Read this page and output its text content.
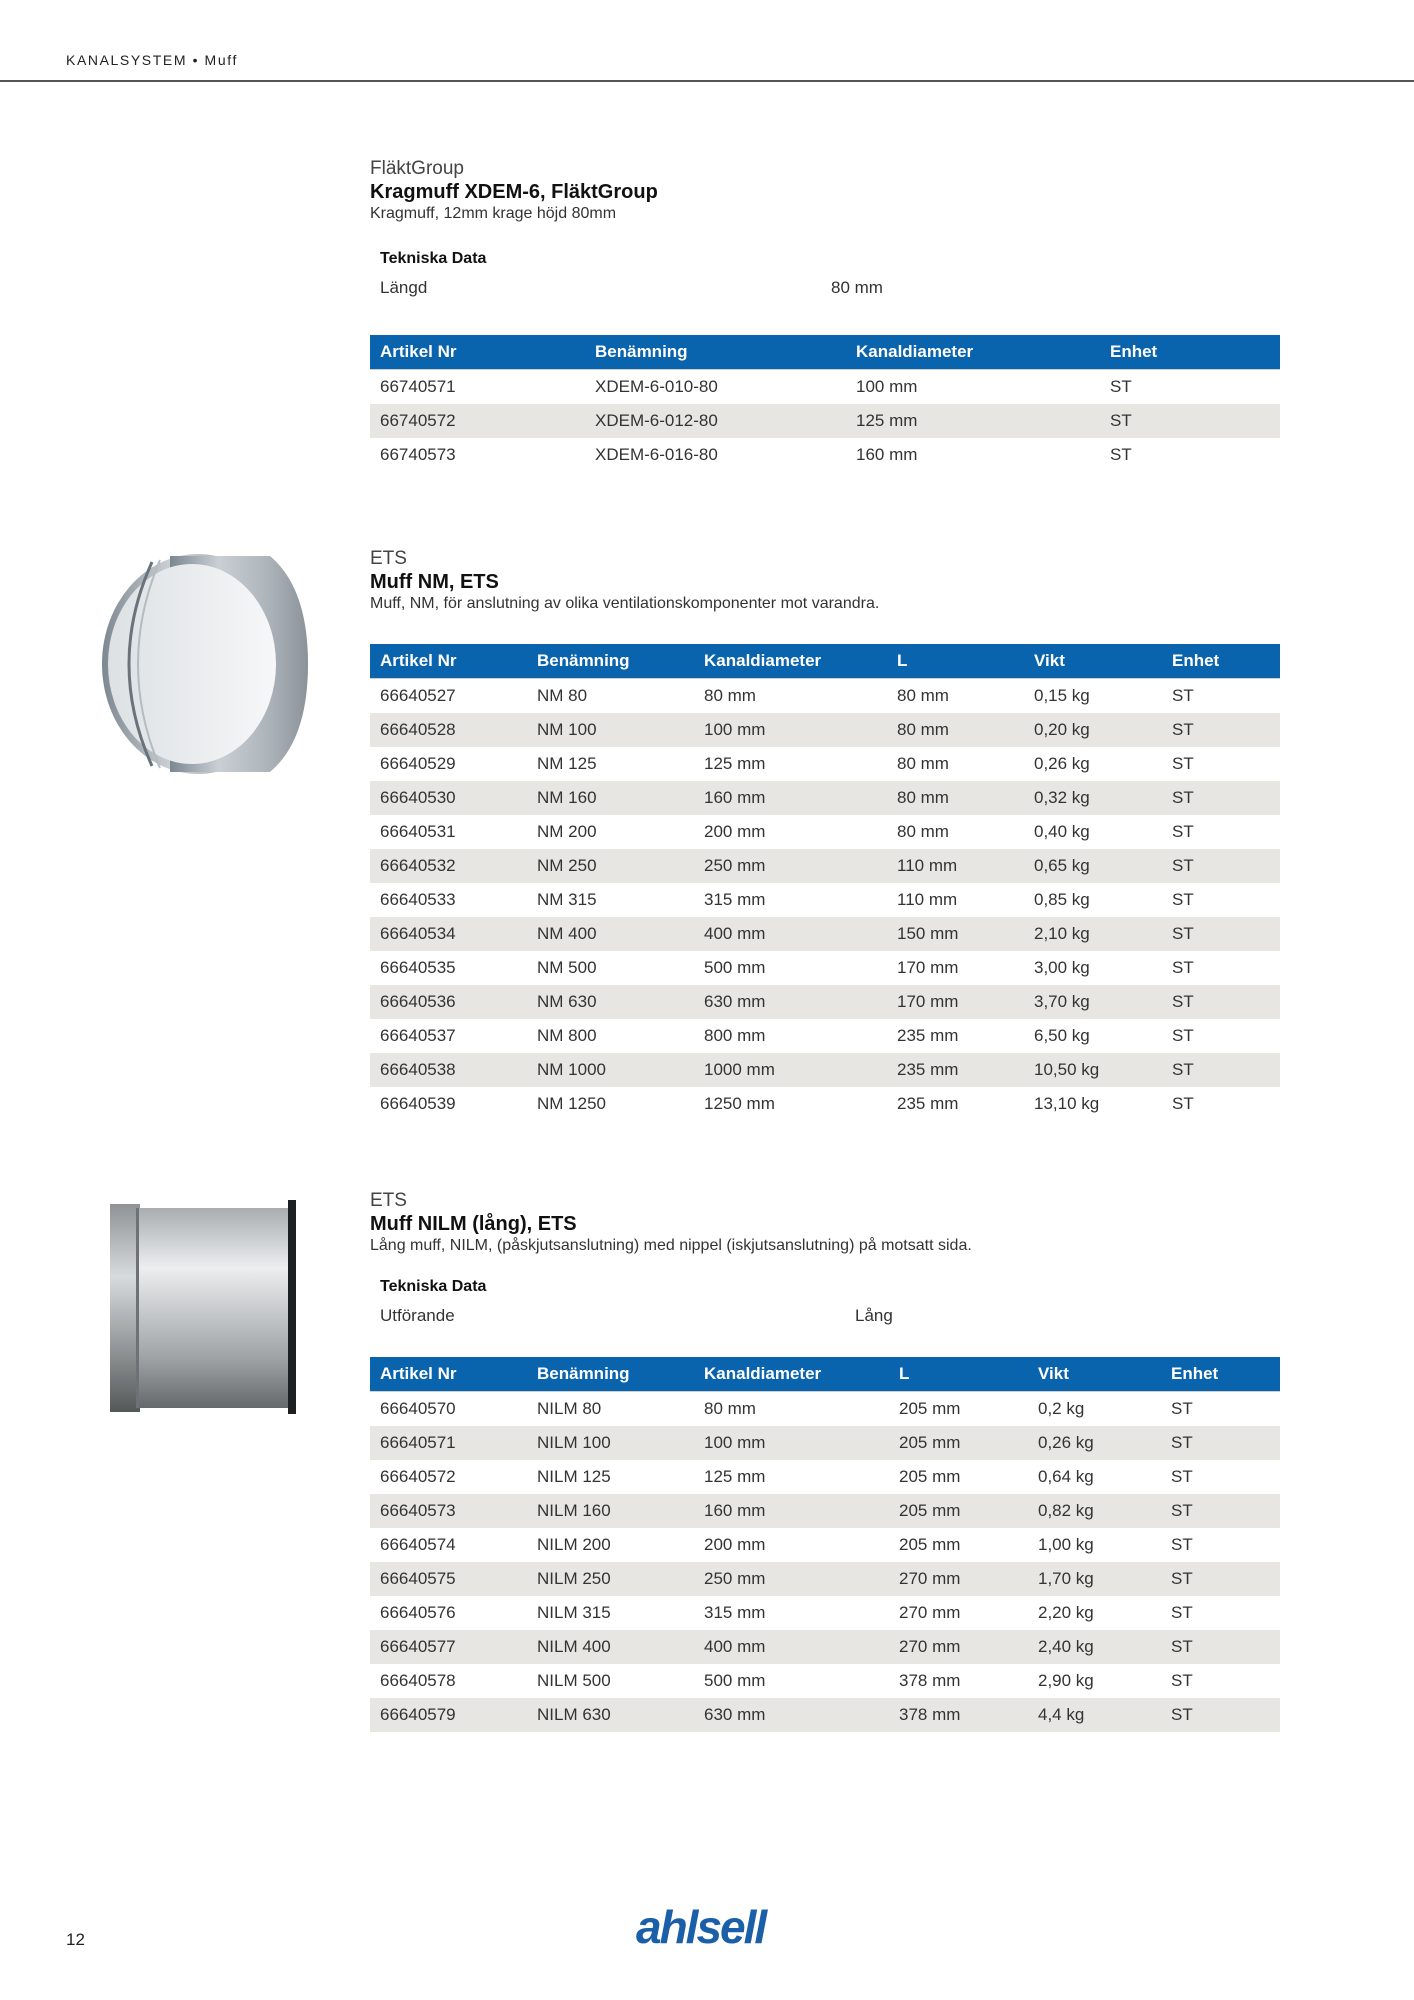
KANALSYSTEM • Muff
FläktGroup
Kragmuff XDEM-6, FläktGroup
Kragmuff, 12mm krage höjd 80mm
Tekniska Data
Längd	80 mm
Artikel Nr	Benämning	Kanaldiameter	Enhet
66740571	XDEM-6-010-80	100 mm	ST
66740572	XDEM-6-012-80	125 mm	ST
66740573	XDEM-6-016-80	160 mm	ST
ETS
Muff NM, ETS
Muff, NM, för anslutning av olika ventilationskomponenter mot varandra.
Artikel Nr	Benämning	Kanaldiameter	L	Vikt	Enhet
66640527	NM 80	80 mm	80 mm	0,15 kg	ST
66640528	NM 100	100 mm	80 mm	0,20 kg	ST
66640529	NM 125	125 mm	80 mm	0,26 kg	ST
66640530	NM 160	160 mm	80 mm	0,32 kg	ST
66640531	NM 200	200 mm	80 mm	0,40 kg	ST
66640532	NM 250	250 mm	110 mm	0,65 kg	ST
66640533	NM 315	315 mm	110 mm	0,85 kg	ST
66640534	NM 400	400 mm	150 mm	2,10 kg	ST
66640535	NM 500	500 mm	170 mm	3,00 kg	ST
66640536	NM 630	630 mm	170 mm	3,70 kg	ST
66640537	NM 800	800 mm	235 mm	6,50 kg	ST
66640538	NM 1000	1000 mm	235 mm	10,50 kg	ST
66640539	NM 1250	1250 mm	235 mm	13,10 kg	ST
ETS
Muff NILM (lång), ETS
Lång muff, NILM, (påskjutsanslutning) med nippel (iskjutsanslutning) på motsatt sida.
Tekniska Data
Utförande	Lång
Artikel Nr	Benämning	Kanaldiameter	L	Vikt	Enhet
66640570	NILM 80	80 mm	205 mm	0,2 kg	ST
66640571	NILM 100	100 mm	205 mm	0,26 kg	ST
66640572	NILM 125	125 mm	205 mm	0,64 kg	ST
66640573	NILM 160	160 mm	205 mm	0,82 kg	ST
66640574	NILM 200	200 mm	205 mm	1,00 kg	ST
66640575	NILM 250	250 mm	270 mm	1,70 kg	ST
66640576	NILM 315	315 mm	270 mm	2,20 kg	ST
66640577	NILM 400	400 mm	270 mm	2,40 kg	ST
66640578	NILM 500	500 mm	378 mm	2,90 kg	ST
66640579	NILM 630	630 mm	378 mm	4,4 kg	ST
12	ahlsell
